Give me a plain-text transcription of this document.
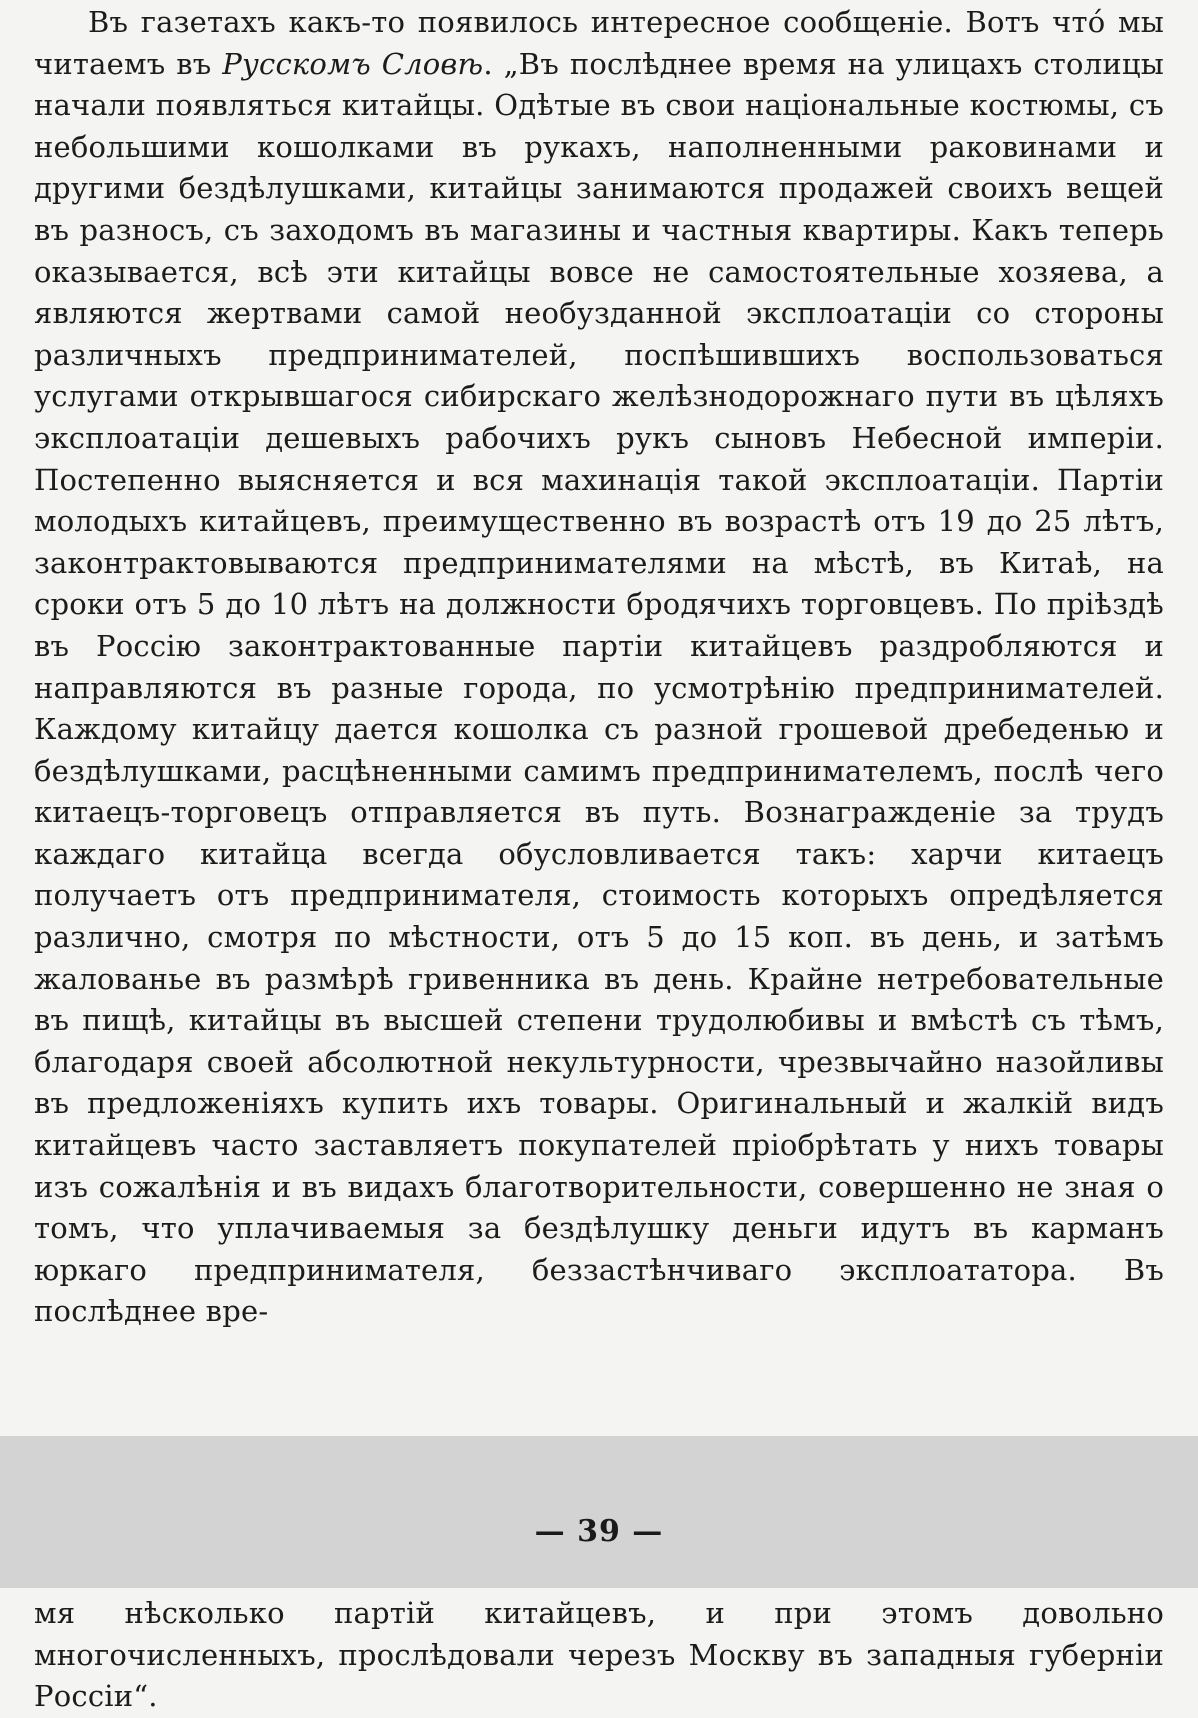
Въ газетахъ какъ-то появилось интересное сообщеніе. Вотъ что́ мы читаемъ въ Русскомъ Словѣ. „Въ послѣднее время на улицахъ столицы начали появляться китайцы. Одѣтые въ свои національные костюмы, съ небольшими кошолками въ рукахъ, наполненными раковинами и другими бездѣлушками, китайцы занимаются продажей своихъ вещей въ разносъ, съ заходомъ въ магазины и частныя квартиры. Какъ теперь оказывается, всѣ эти китайцы вовсе не самостоятельные хозяева, а являются жертвами самой необузданной эксплоатаціи со стороны различныхъ предпринимателей, поспѣшившихъ воспользоваться услугами открывшагося сибирскаго желѣзнодорожнаго пути въ цѣляхъ эксплоатаціи дешевыхъ рабочихъ рукъ сыновъ Небесной имперіи. Постепенно выясняется и вся махинація такой эксплоатаціи. Партіи молодыхъ китайцевъ, преимущественно въ возрастѣ отъ 19 до 25 лѣтъ, законтрактовываются предпринимателями на мѣстѣ, въ Китаѣ, на сроки отъ 5 до 10 лѣтъ на должности бродячихъ торговцевъ. По пріѣздѣ въ Россію законтрактованные партіи китайцевъ раздробляются и направляются въ разные города, по усмотрѣнію предпринимателей. Каждому китайцу дается кошолка съ разной грошевой дребеденью и бездѣлушками, расцѣненными самимъ предпринимателемъ, послѣ чего китаецъ-торговецъ отправляется въ путь. Вознагражденіе за трудъ каждаго китайца всегда обусловливается такъ: харчи китаецъ получаетъ отъ предпринимателя, стоимость которыхъ опредѣляется различно, смотря по мѣстности, отъ 5 до 15 коп. въ день, и затѣмъ жалованье въ размѣрѣ гривенника въ день. Крайне нетребовательные въ пищѣ, китайцы въ высшей степени трудолюбивы и вмѣстѣ съ тѣмъ, благодаря своей абсолютной некультурности, чрезвычайно назойливы въ предложеніяхъ купить ихъ товары. Оригинальный и жалкій видъ китайцевъ часто заставляетъ покупателей пріобрѣтать у нихъ товары изъ сожалѣнія и въ видахъ благотворительности, совершенно не зная о томъ, что уплачиваемыя за бездѣлушку деньги идутъ въ карманъ юркаго предпринимателя, беззастѣнчиваго эксплоататора. Въ послѣднее вре-

— 39 —

мя нѣсколько партій китайцевъ, и при этомъ довольно многочисленныхъ, прослѣдовали черезъ Москву въ западныя губерніи Россіи“.
